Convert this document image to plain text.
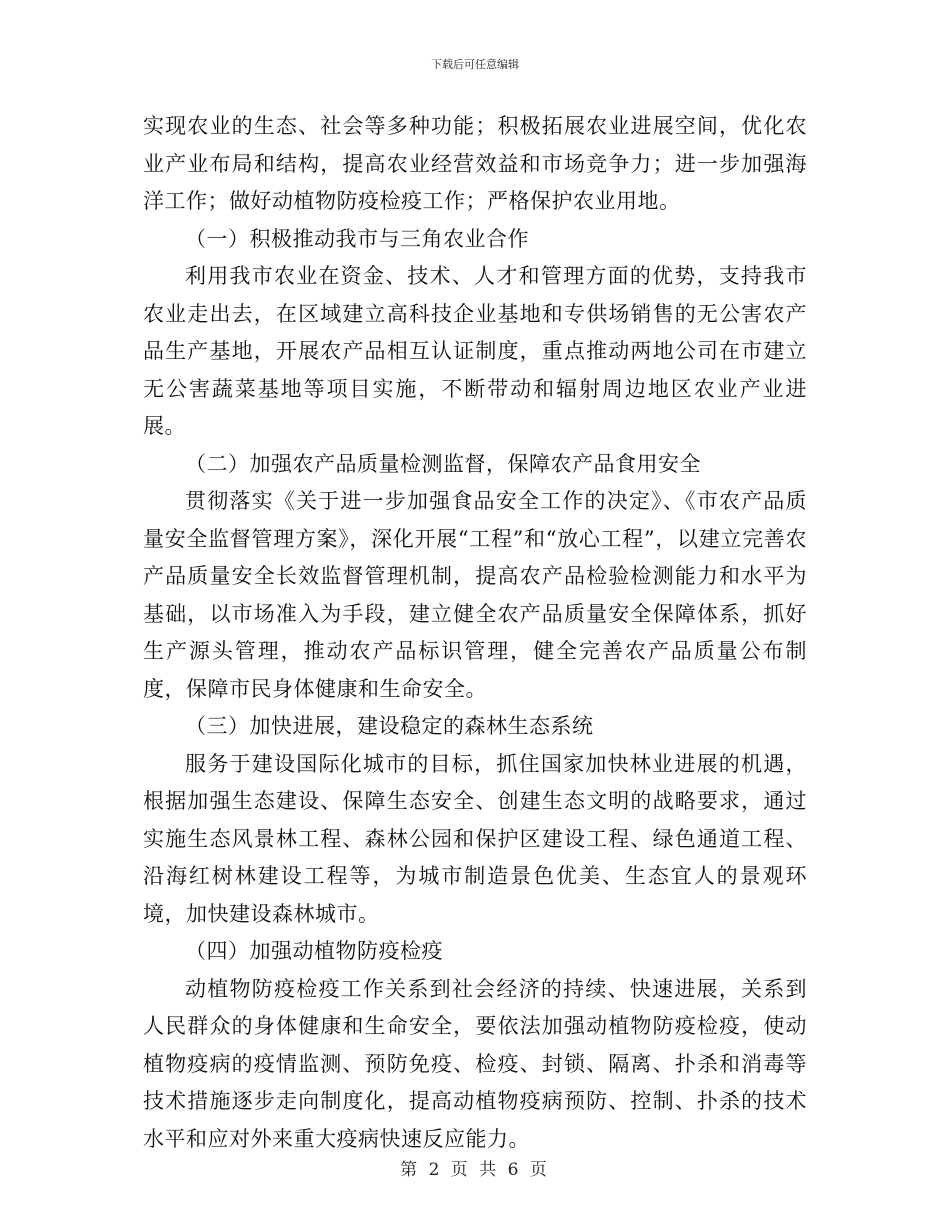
下载后可任意编辑

实现农业的生态、社会等多种功能；积极拓展农业进展空间，优化农业产业布局和结构，提高农业经营效益和市场竞争力；进一步加强海洋工作；做好动植物防疫检疫工作；严格保护农业用地。

（一）积极推动我市与三角农业合作

利用我市农业在资金、技术、人才和管理方面的优势，支持我市农业走出去，在区域建立高科技企业基地和专供场销售的无公害农产品生产基地，开展农产品相互认证制度，重点推动两地公司在市建立无公害蔬菜基地等项目实施，不断带动和辐射周边地区农业产业进展。

（二）加强农产品质量检测监督，保障农产品食用安全

贯彻落实《关于进一步加强食品安全工作的决定》、《市农产品质量安全监督管理方案》，深化开展“工程”和“放心工程”，以建立完善农产品质量安全长效监督管理机制，提高农产品检验检测能力和水平为基础，以市场准入为手段，建立健全农产品质量安全保障体系，抓好生产源头管理，推动农产品标识管理，健全完善农产品质量公布制度，保障市民身体健康和生命安全。

（三）加快进展，建设稳定的森林生态系统

服务于建设国际化城市的目标，抓住国家加快林业进展的机遇，根据加强生态建设、保障生态安全、创建生态文明的战略要求，通过实施生态风景林工程、森林公园和保护区建设工程、绿色通道工程、沿海红树林建设工程等，为城市制造景色优美、生态宜人的景观环境，加快建设森林城市。

（四）加强动植物防疫检疫

动植物防疫检疫工作关系到社会经济的持续、快速进展，关系到人民群众的身体健康和生命安全，要依法加强动植物防疫检疫，使动植物疫病的疫情监测、预防免疫、检疫、封锁、隔离、扑杀和消毒等技术措施逐步走向制度化，提高动植物疫病预防、控制、扑杀的技术水平和应对外来重大疫病快速反应能力。

第 2 页 共 6 页
